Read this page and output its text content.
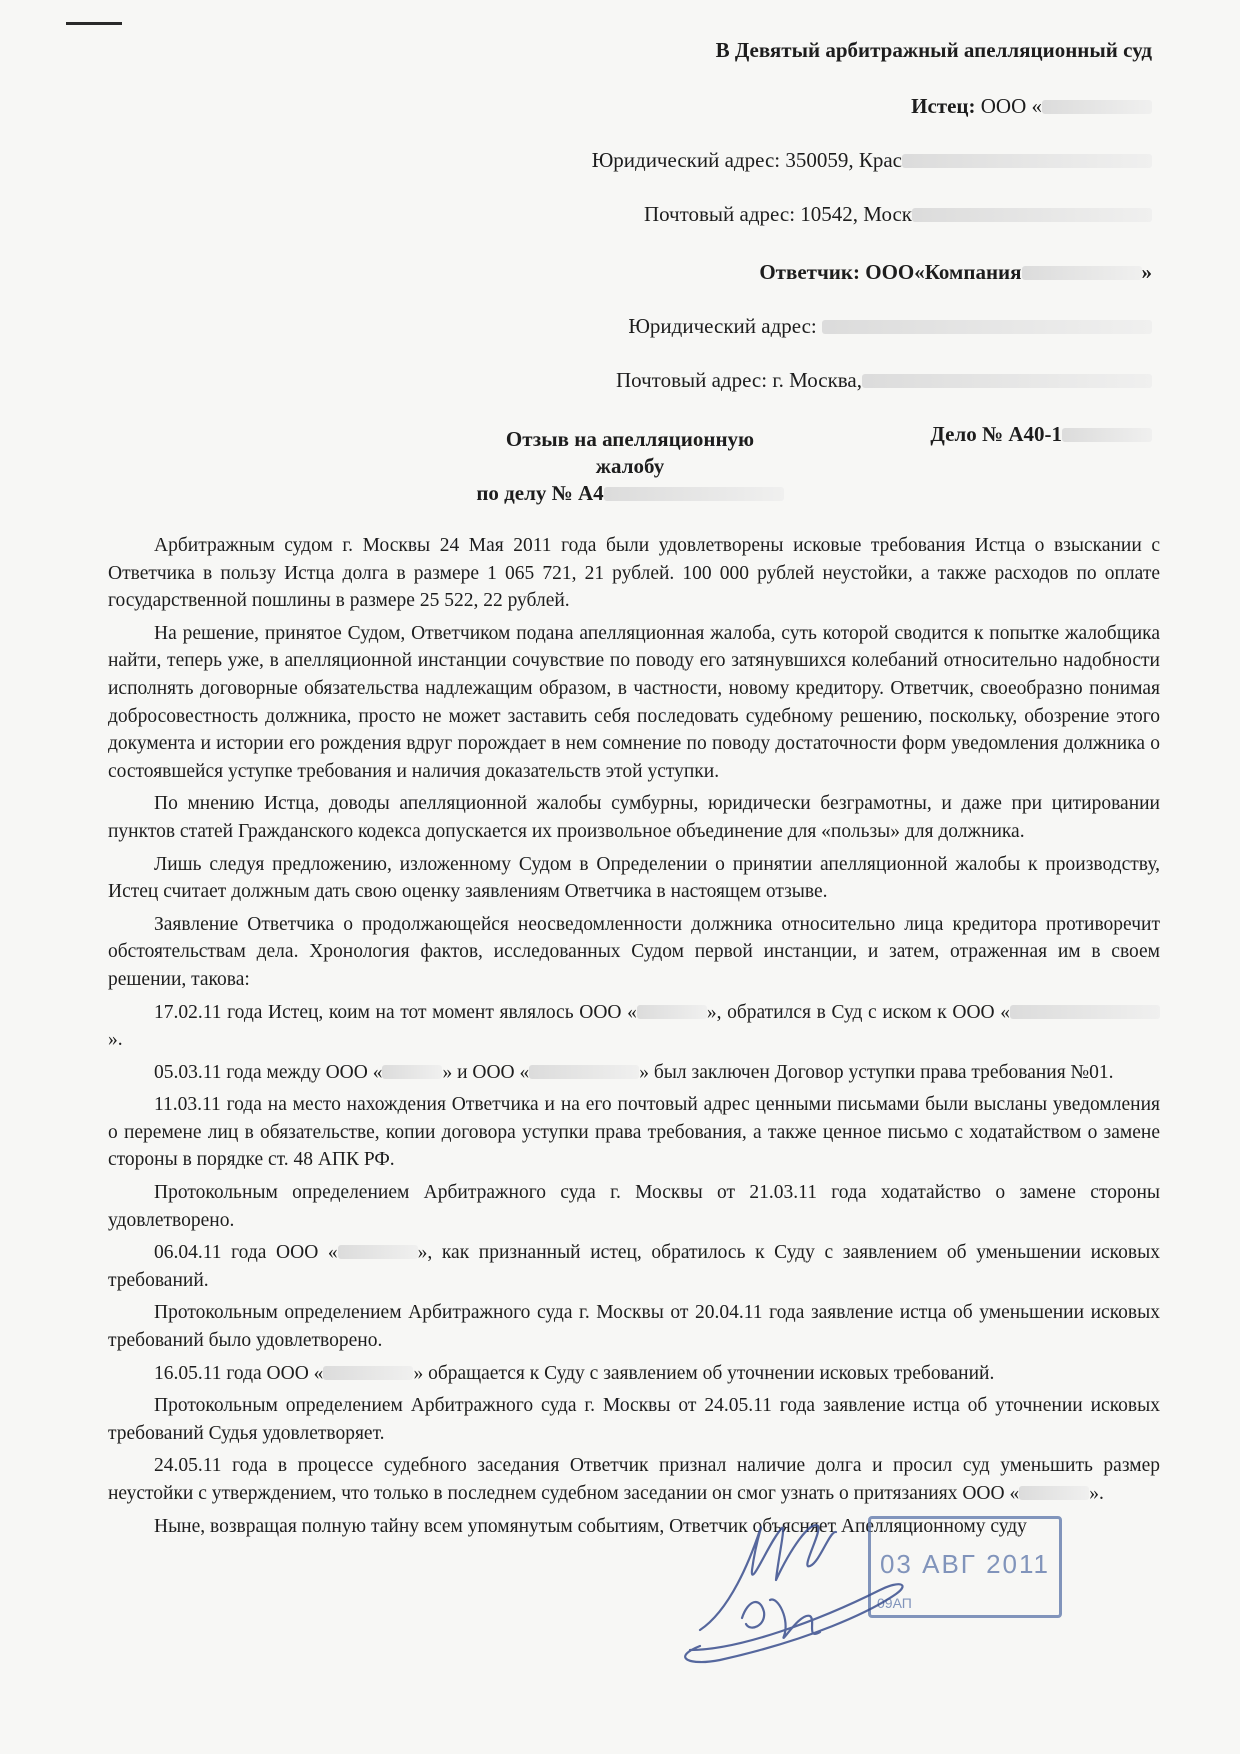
В Девятый арбитражный апелляционный суд
Истец: ООО «
Юридический адрес: 350059, Крас
Почтовый адрес: 10542, Моск
Ответчик: ООО«Компания	»
Юридический адрес:
Почтовый адрес: г. Москва,
Дело № А40-1
Отзыв на апелляционную
жалобу
по делу № А4

Арбитражным судом г. Москвы 24 Мая 2011 года были удовлетворены исковые требования Истца о взыскании с Ответчика в пользу Истца долга в размере 1 065 721, 21 рублей. 100 000 рублей неустойки, а также расходов по оплате государственной пошлины в размере 25 522, 22 рублей.

На решение, принятое Судом, Ответчиком подана апелляционная жалоба, суть которой сводится к попытке жалобщика найти, теперь уже, в апелляционной инстанции сочувствие по поводу его затянувшихся колебаний относительно надобности исполнять договорные обязательства надлежащим образом, в частности, новому кредитору. Ответчик, своеобразно понимая добросовестность должника, просто не может заставить себя последовать судебному решению, поскольку, обозрение этого документа и истории его рождения вдруг порождает в нем сомнение по поводу достаточности форм уведомления должника о состоявшейся уступке требования и наличия доказательств этой уступки.

По мнению Истца, доводы апелляционной жалобы сумбурны, юридически безграмотны, и даже при цитировании пунктов статей Гражданского кодекса допускается их произвольное объединение для «пользы» для должника.

Лишь следуя предложению, изложенному Судом в Определении о принятии апелляционной жалобы к производству, Истец считает должным дать свою оценку заявлениям Ответчика в настоящем отзыве.

Заявление Ответчика о продолжающейся неосведомленности должника относительно лица кредитора противоречит обстоятельствам дела. Хронология фактов, исследованных Судом первой инстанции, и затем, отраженная им в своем решении, такова:

17.02.11 года Истец, коим на тот момент являлось ООО «	», обратился в Суд с иском к ООО «».

05.03.11 года между ООО «	» и ООО «	» был заключен Договор уступки права требования №01.

11.03.11 года на место нахождения Ответчика и на его почтовый адрес ценными письмами были высланы уведомления о перемене лиц в обязательстве, копии договора уступки права требования, а также ценное письмо с ходатайством о замене стороны в порядке ст. 48 АПК РФ.

Протокольным определением Арбитражного суда г. Москвы от 21.03.11 года ходатайство о замене стороны удовлетворено.

06.04.11 года ООО «	», как признанный истец, обратилось к Суду с заявлением об уменьшении исковых требований.

Протокольным определением Арбитражного суда г. Москвы от 20.04.11 года заявление истца об уменьшении исковых требований было удовлетворено.

16.05.11 года ООО «	» обращается к Суду с заявлением об уточнении исковых требований.

Протокольным определением Арбитражного суда г. Москвы от 24.05.11 года заявление истца об уточнении исковых требований Судья удовлетворяет.

24.05.11 года в процессе судебного заседания Ответчик признал наличие долга и просил суд уменьшить размер неустойки с утверждением, что только в последнем судебном заседании он смог узнать о притязаниях ООО «	».

Ныне, возвращая полную тайну всем упомянутым событиям, Ответчик объясняет Апелляционному суду

03 АВГ 2011
09АП
